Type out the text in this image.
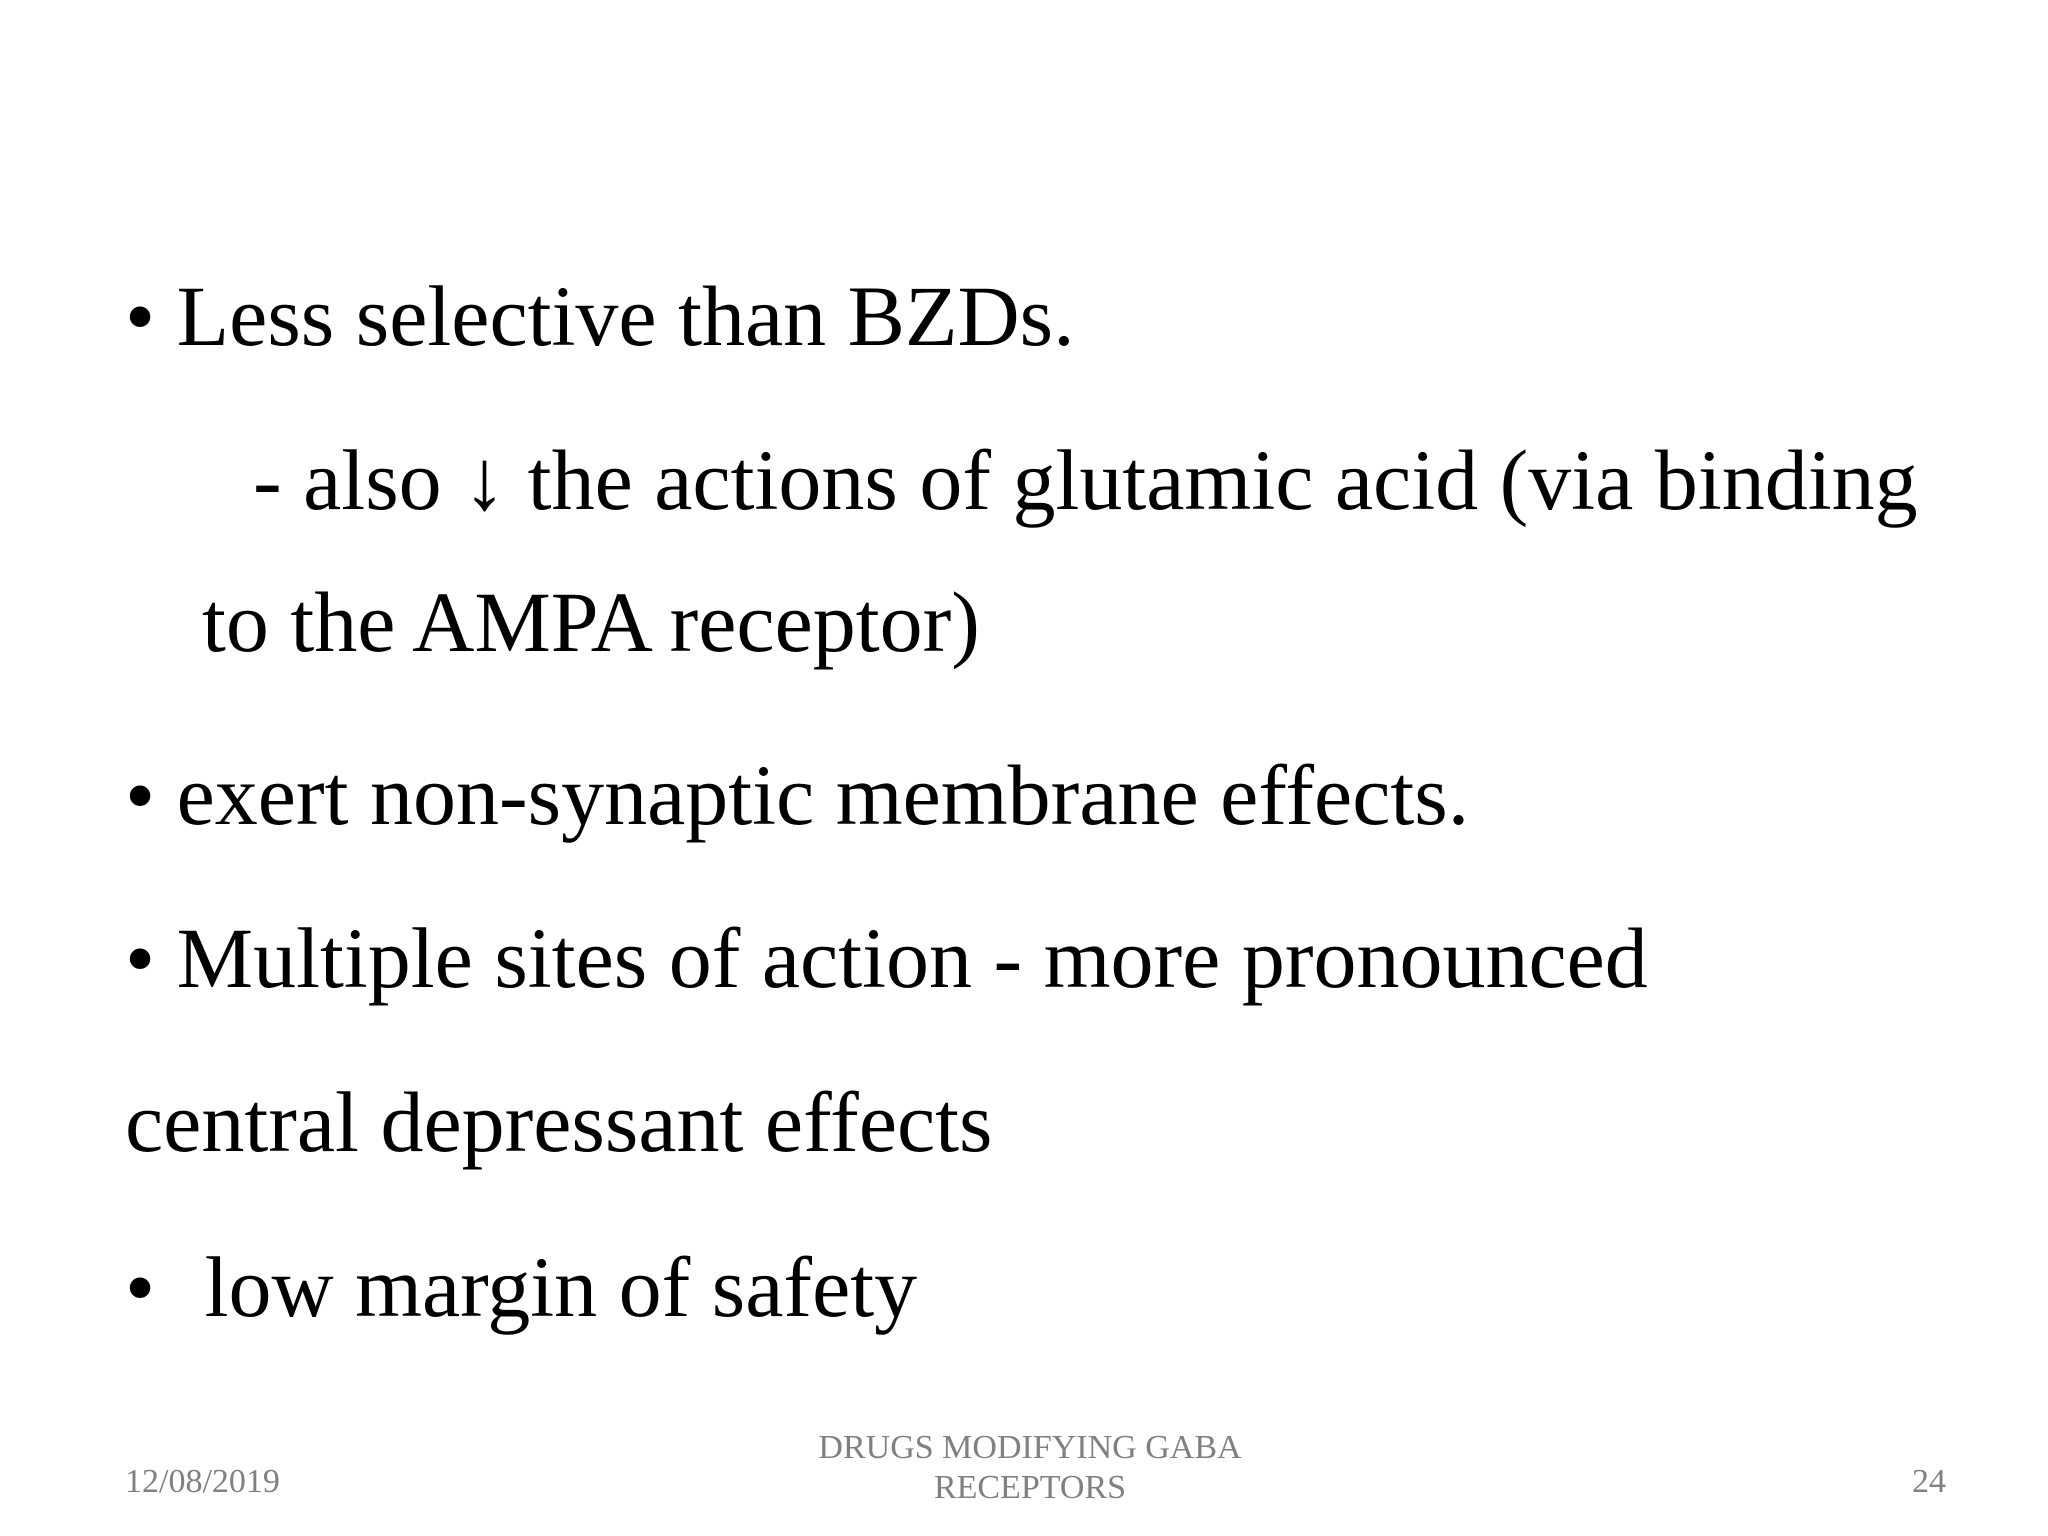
• Less selective than BZDs.
- also ↓ the actions of glutamic acid (via binding
to the AMPA receptor)
• exert non-synaptic membrane effects.
• Multiple sites of action - more pronounced
central depressant effects
• low margin of safety
12/08/2019
DRUGS MODIFYING GABA
RECEPTORS	24
